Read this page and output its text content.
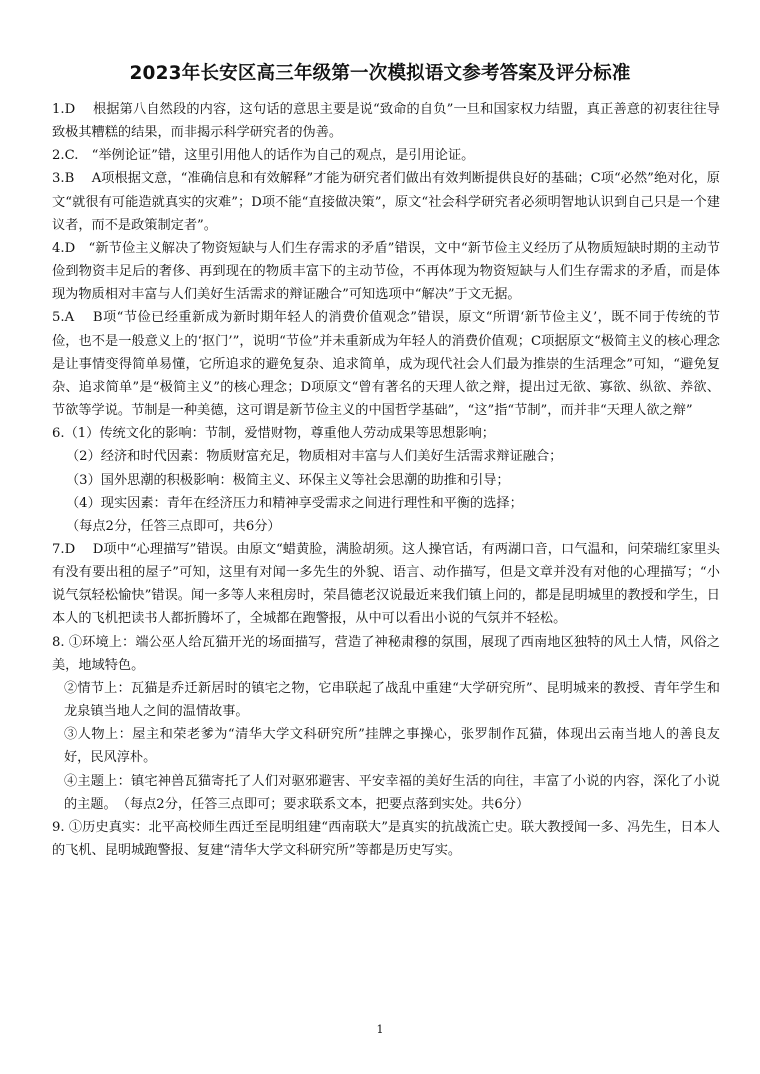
2023年长安区高三年级第一次模拟语文参考答案及评分标准

1.D　 根据第八自然段的内容，这句话的意思主要是说“致命的自负”一旦和国家权力结盟，真正善意的初衷往往导致极其糟糕的结果，而非揭示科学研究者的伪善。

2.C.　“举例论证”错，这里引用他人的话作为自己的观点，是引用论证。

3.B　 A项根据文意，“准确信息和有效解释”才能为研究者们做出有效判断提供良好的基础；C项“必然”绝对化，原文“就很有可能造就真实的灾难”；D项不能“直接做决策”，原文“社会科学研究者必须明智地认识到自己只是一个建议者，而不是政策制定者”。

4.D　“新节俭主义解决了物资短缺与人们生存需求的矛盾”错误，文中“新节俭主义经历了从物质短缺时期的主动节俭到物资丰足后的奢侈、再到现在的物质丰富下的主动节俭，不再体现为物资短缺与人们生存需求的矛盾，而是体现为物质相对丰富与人们美好生活需求的辩证融合”可知选项中“解决”于文无据。

5.A　 B项“节俭已经重新成为新时期年轻人的消费价值观念”错误，原文“所谓‘新节俭主义’，既不同于传统的节俭，也不是一般意义上的‘抠门’”，说明“节俭”并未重新成为年轻人的消费价值观；C项据原文“极简主义的核心理念是让事情变得简单易懂，它所追求的避免复杂、追求简单，成为现代社会人们最为推崇的生活理念”可知，“避免复杂、追求简单”是“极简主义”的核心理念；D项原文“曾有著名的天理人欲之辩，提出过无欲、寡欲、纵欲、养欲、节欲等学说。节制是一种美德，这可谓是新节俭主义的中国哲学基础”，“这”指“节制”，而并非“天理人欲之辩”

6.（1）传统文化的影响：节制，爱惜财物，尊重他人劳动成果等思想影响；

（2）经济和时代因素：物质财富充足，物质相对丰富与人们美好生活需求辩证融合；

（3）国外思潮的积极影响：极简主义、环保主义等社会思潮的助推和引导；

（4）现实因素：青年在经济压力和精神享受需求之间进行理性和平衡的选择；

（每点2分，任答三点即可，共6分）

7.D　 D项中“心理描写”错误。由原文“蜡黄脸，满脸胡须。这人操官话，有两湖口音，口气温和，问荣瑞红家里头有没有要出租的屋子”可知，这里有对闻一多先生的外貌、语言、动作描写，但是文章并没有对他的心理描写；“小说气氛轻松愉快”错误。闻一多等人来租房时，荣昌德老汉说最近来我们镇上问的，都是昆明城里的教授和学生，日本人的飞机把读书人都折腾坏了，全城都在跑警报，从中可以看出小说的气氛并不轻松。

8. ①环境上：端公巫人给瓦猫开光的场面描写，营造了神秘肃穆的氛围，展现了西南地区独特的风土人情，风俗之美，地域特色。

②情节上：瓦猫是乔迁新居时的镇宅之物，它串联起了战乱中重建“大学研究所”、昆明城来的教授、青年学生和龙泉镇当地人之间的温情故事。

③人物上：屋主和荣老爹为“清华大学文科研究所”挂牌之事操心，张罗制作瓦猫，体现出云南当地人的善良友好，民风淳朴。

④主题上：镇宅神兽瓦猫寄托了人们对驱邪避害、平安幸福的美好生活的向往，丰富了小说的内容，深化了小说的主题。　（每点2分，任答三点即可；要求联系文本，把要点落到实处。共6分）

9. ①历史真实：北平高校师生西迁至昆明组建“西南联大”是真实的抗战流亡史。联大教授闻一多、冯先生，日本人的飞机、昆明城跑警报、复建“清华大学文科研究所”等都是历史写实。

1
